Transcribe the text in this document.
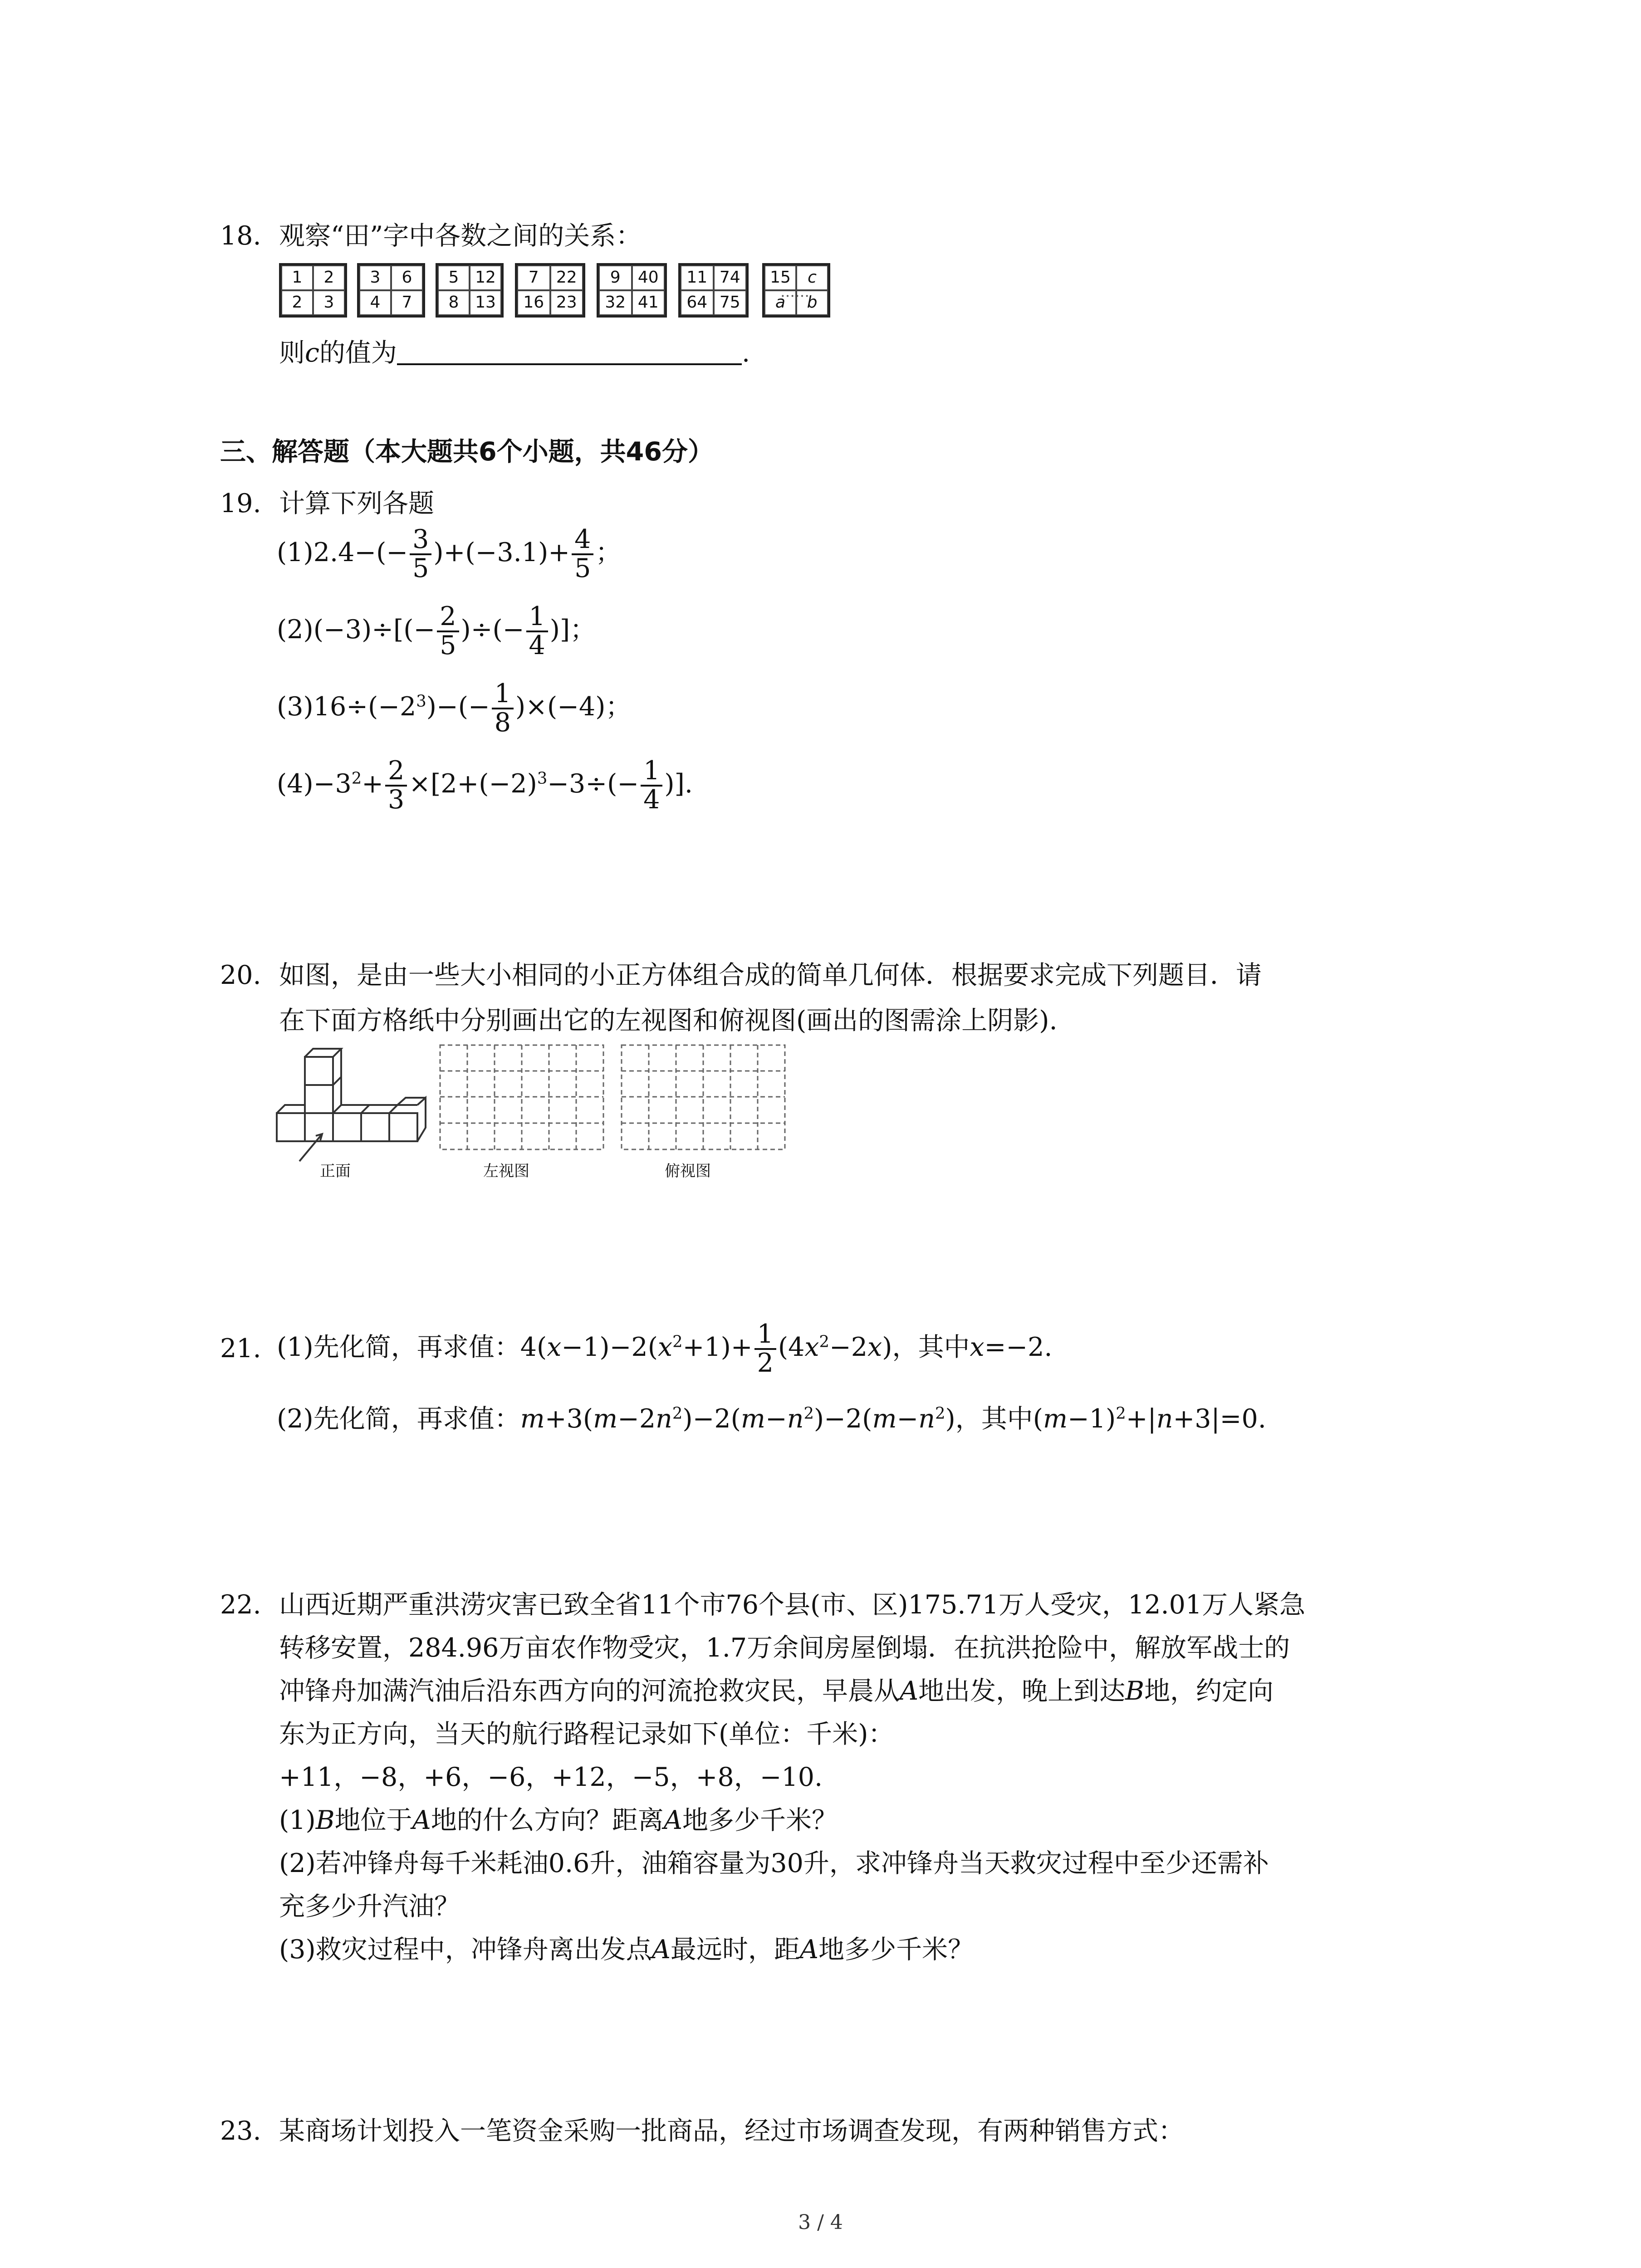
18. 观察“田”字中各数之间的关系：
1	2
2	3
3	6
4	7
5 12
8 13
7	22
16 23
9	40
32 41
11 74
64 75
……
15	c
a	b
则c的值为	.
三、解答题（本大题共6个小题，共46分）
19. 计算下列各题
$(1)2.4-(- \frac{3}{5} )+(-3.1)+ \frac{4}{5}$ ；
$(2)(-3)\div[(- \frac{2}{5}$ )÷(− $\frac{1}{4}$ )]；
$(3)16\div(-2^3)-(- \frac{1}{8} )\times(-4)$；
$(4)-3^2+ \frac{2}{3} \times[2+(-2)^3-3\div(- \frac{1}{4}$ )].
20. 如图，是由一些大小相同的小正方体组合成的简单几何体．根据要求完成下列题目．请
在下面方格纸中分别画出它的左视图和俯视图(画出的图需涂上阴影).
正面	左视图	俯视图
21. (1)先化简，再求值：$4(x-1)-2(x^2+1)+ \frac{1}{2} (4x^2-2x)$，其中x=−2.
(2)先化简，再求值：$m+3(m-2n^2)-2(m-n^2)-2(m-n^2)$，其中$(m-1)^2+|n+3|=0$.
22. 山西近期严重洪涝灾害已致全省11个市76个县(市、区)175.71万人受灾，12.01万人紧急
转移安置，284.96万亩农作物受灾，1.7万余间房屋倒塌．在抗洪抢险中，解放军战士的
冲锋舟加满汽油后沿东西方向的河流抢救灾民，早晨从A地出发，晚上到达B地，约定向
东为正方向，当天的航行路程记录如下(单位：千米)：
+11，−8，+6，−6，+12，−5，+8，−10.
(1)B地位于A地的什么方向？距离A地多少千米？
(2)若冲锋舟每千米耗油0.6升，油箱容量为30升，求冲锋舟当天救灾过程中至少还需补
充多少升汽油？
(3)救灾过程中，冲锋舟离出发点A最远时，距A地多少千米？
23. 某商场计划投入一笔资金采购一批商品，经过市场调查发现，有两种销售方式：
3 / 4
